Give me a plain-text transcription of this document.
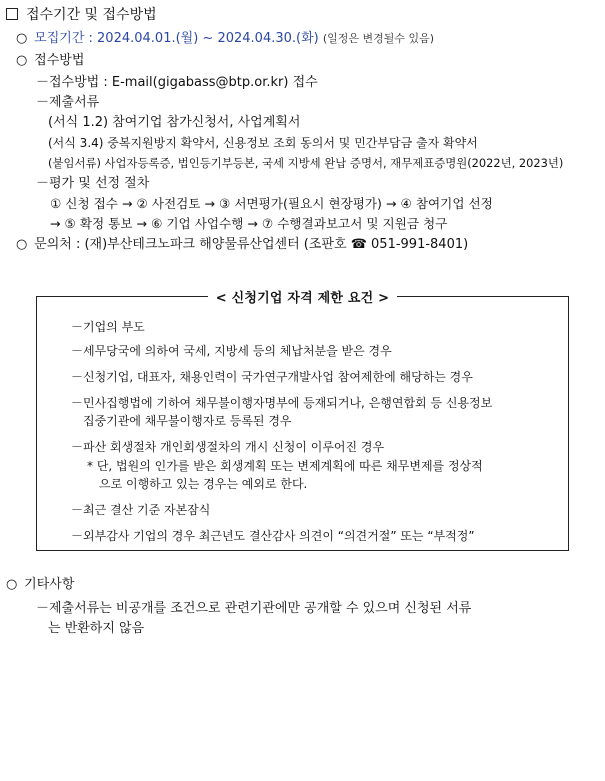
접수기간 및 접수방법
○ 모집기간 : 2024.04.01.(월) ~ 2024.04.30.(화) (일정은 변경될수 있음)
○ 접수방법
－접수방법 : E-mail(gigabass@btp.or.kr) 접수
－제출서류
(서식 1.2) 참여기업 참가신청서, 사업계획서
(서식 3.4) 중복지원방지 확약서, 신용정보 조회 동의서 및 민간부담금 출자 확약서
(붙임서류) 사업자등록증, 법인등기부등본, 국세 지방세 완납 증명서, 재무제표증명원(2022년, 2023년)
－평가 및 선정 절차
① 신청 접수 → ② 사전검토 → ③ 서면평가(필요시 현장평가) → ④ 참여기업 선정
→ ⑤ 확정 통보 → ⑥ 기업 사업수행 → ⑦ 수행결과보고서 및 지원금 청구
○ 문의처 : (재)부산테크노파크 해양물류산업센터 (조판호 ☎ 051-991-8401)
< 신청기업 자격 제한 요건 >
－기업의 부도
－세무당국에 의하여 국세, 지방세 등의 체납처분을 받은 경우
－신청기업, 대표자, 채용인력이 국가연구개발사업 참여제한에 해당하는 경우
－민사집행법에 기하여 채무불이행자명부에 등재되거나, 은행연합회 등 신용정보
집중기관에 채무불이행자로 등록된 경우
－파산 회생절차 개인회생절차의 개시 신청이 이루어진 경우
* 단, 법원의 인가를 받은 회생계획 또는 변제계획에 따른 채무변제를 정상적
으로 이행하고 있는 경우는 예외로 한다.
－최근 결산 기준 자본잠식
－외부감사 기업의 경우 최근년도 결산감사 의견이 “의견거절” 또는 “부적정”
○ 기타사항
－제출서류는 비공개를 조건으로 관련기관에만 공개할 수 있으며 신청된 서류
는 반환하지 않음
